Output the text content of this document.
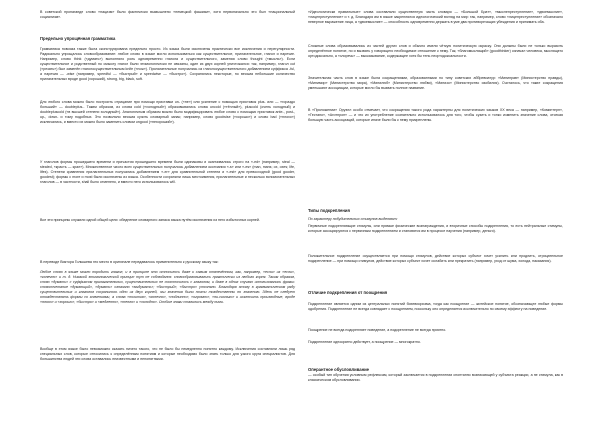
В советской пропаганде слово «нацизм» было фактически вымышлено «немецкой фашизм», хотя первоначально это был «национальный социализм».

Предельно упрощённая грамматика

Грамматика новояза также была сконструирована предельно просто. Из языка были исключены практически все исключения и нерегулярности. Радикально упрощалось словообразование: любое слово в языке могло использоваться как существительное, прилагательное, глагол и наречие. Например, слово think («думать») выполняло роль одновременно глагола и существительного, заменяя слово thought («мысль»). Если существительное и родственный по смыслу глагол были этимологически не связаны, один из двух корней уничтожался: так, например, глагол cut («резать») был заменён глаголосуществительным knife («нож»). Прилагательные получались из глаголосуществительного добавлением суффикса -ful, а наречия — -wise (например, speedful — «быстрый» и speedwise — «быстро»). Сохранялись некоторые, но весьма небольшие количество прилагательных вроде good (хороший), strong, big, black, soft.

Для любого слова можно было построить отрицание при помощи приставки un- («не») или усиление с помощью приставок plus- или — «гораздо больший» — doubleplus-. Таким образом, из слова cold («холодный») образовывались слова uncold («тёплый»), pluscold (очень холодный) и doublepluscold («в высшей степени холодный»). Аналогичным образом можно было модифицировать любое слово с помощью приставок ante-, post-, up-, down- и тому подобных. Это позволяло весьма сузить словарный запас; например, слово goodwise («хорошо») и слово bad («плохо») исключались, и вместо их можно было заменить словом ungood («нехороший»).

У глаголов формы прошедшего времени и причастия прошедшего времени были одинаковы и оканчивались строго на «-ed» (например, steal — stealed, «красть — крал»). Множественное число всех существительных получалось добавлением окончания «-s» или «-es» (man, mans; ox, oxes; life, lifes). Степени сравнения прилагательных получались добавлением «-er» для сравнительной степени и «-est» для превосходной (good gooder, goodest); формы с more и most были исключены из языка. Особенности сохранили лишь местоимения, прилагательные и несколько вспомогательных глаголов — в частности, shall было отменено, и вместо него использовалось will.

Все эти принципы служили одной общей цели: обеднение словарного запаса языка путём исключения из него избыточных корней.

В переводе Виктора Голышева это место в оригинале передавалось применительно к русскому языку так:

Любое слово в языке могло породить глагол, и в принципе это относилось даже к самым отвлечённым, как, например, «если» из «если», «конечно» и т. д. Никакой этимологической принцип тут не соблюдался: словообразовывались практически из любого корня. Таким образом, слово «думать» с суффиксом прилагательных, существительных не соотносилось с глаголом, и даже в одних случаях использовались фразы: словосочетание «думающий», «думать» означало «выдумать»; «быстрый», «быстро» уточняло. Благодаря этому в грамматическом ряду существительных и глаголов сохранилось одно из двух корней, чьи значения были почти тождественны по значению. Здесь не следует отождествлять формы со значениями, а слова «позитив», «конечно», «подлинно», «огромно», «ни-сколько» и исключить производные, вроде «плохо» и «хорошо», «быстро» и «медленно», «тепло» и «холодно». Особые знаки ставились между ними.

Вообще в этом языке было невозможно сказать ничего такого, что не было бы немедленно понятно каждому. Исключения составляли лишь ряд специальных слов, которые относились к определённым понятиям и которые необходимо было знать только для узкого круга специалистов. Для большинства людей эти слова оставались неизвестными и непонятными.

«Идеологически правильные» слова составляли существенную часть словаря — «Большой Брат», «мыслепреступление», «двоемыслие», «лицепреступление» и т. д. Благодаря им в языке закреплялся идеологический взгляд на мир: так, например, слово «лицепреступление» обозначало неверное выражение лица, а «двоемыслие» — способность одновременно держать в уме два противоречащих убеждения и принимать оба.

Сложные слова образовывались из частей других слов и обычно имели чёткую политическую окраску. Они должны были не только выразить определённое понятие, но и вызвать у говорящего необходимое отношение к нему. Так, «благомыслящий» (goodthinker) означал человека, мыслящего ортодоксально, а «злоречь» — высказывание, содержащее хотя бы тень неортодоксальности.

Значительная часть слов в языке была сокращениями, образованными по типу советских аббревиатур: «Миниправ» (Министерство правды), «Минимир» (Министерство мира), «Минилюб» (Министерство любви), «Минизо» (Министерство изобилия). Считалось, что такие сокращения уменьшают ассоциации, которые могло бы вызвать полное название.

В «Приложении» Оруэлл особо отмечает, что сокращения такого рода характерны для политических языков XX века — например, «Коминтерн», «Гестапо», «Агитпроп» — и что их употребление сознательно использовалось для того, чтобы сузить и тонко изменить значение слова, отсекая большую часть ассоциаций, которые иначе были бы к нему прикреплены.

Типы подкрепления

По характеру побудительных стимулов выделяют:

Первичные подкрепляющие стимулы, или прямые физические вознаграждения, и вторичные способы подкрепления, то есть нейтральные стимулы, которые ассоциируются с первичным подкреплением и становятся им в процессе научения (например, деньги).

Положительное подкрепление осуществляется при помощи стимулов, действие которых субъект хочет усилить или продлить, отрицательное подкрепление — при помощи стимулов, действие которых субъект хочет ослабить или прекратить (например, уход от шума, холода, наказания).

Отличие подкрепления от поощрения

Подкрепление является одним из центральных понятий бихевиоризма, тогда как поощрение — житейское понятие, обозначающее любые формы одобрения. Подкрепление не всегда совпадает с поощрением, поскольку оно определяется исключительно по своему эффекту на поведение.

Поощрение не всегда подкрепляет поведение, а подкрепление не всегда приятно.

Подкрепление однократно действует, а поощрение — многократно.

Оперантное обусловливание

— особый тип обучения условным рефлексам, который заключается в подкреплении спонтанно возникающей у субъекта реакции, а не стимула, как в классическом обусловливании.
